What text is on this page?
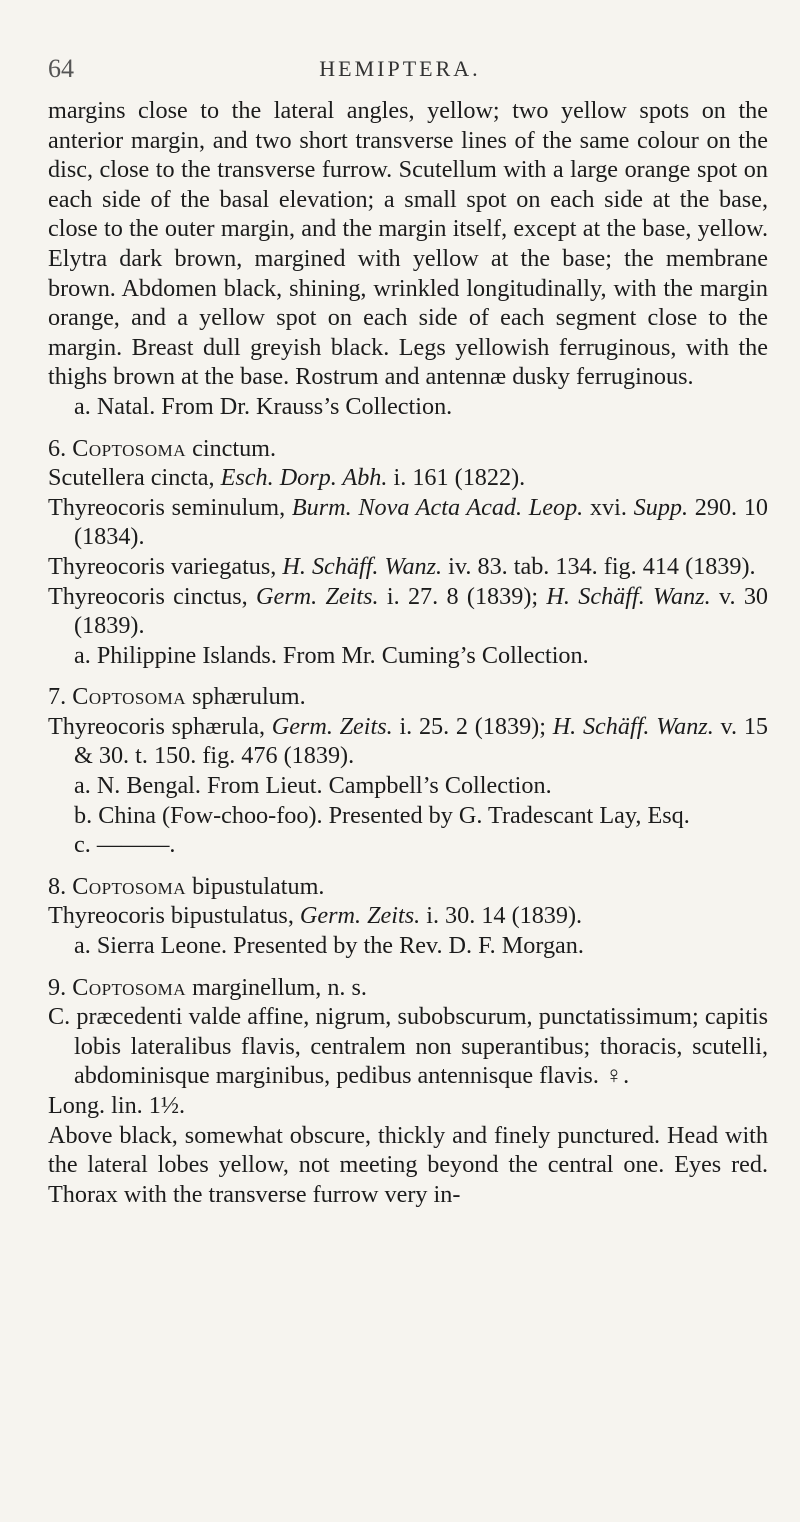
64	HEMIPTERA.

margins close to the lateral angles, yellow; two yellow spots on the anterior margin, and two short transverse lines of the same colour on the disc, close to the transverse furrow. Scutellum with a large orange spot on each side of the basal elevation; a small spot on each side at the base, close to the outer margin, and the margin itself, except at the base, yellow. Elytra dark brown, margined with yellow at the base; the membrane brown. Abdomen black, shining, wrinkled longitudinally, with the margin orange, and a yellow spot on each side of each segment close to the margin. Breast dull greyish black. Legs yellowish ferruginous, with the thighs brown at the base. Rostrum and antennæ dusky ferruginous.

a. Natal. From Dr. Krauss’s Collection.

6. Coptosoma cinctum.

Scutellera cincta, Esch. Dorp. Abh. i. 161 (1822).

Thyreocoris seminulum, Burm. Nova Acta Acad. Leop. xvi. Supp. 290. 10 (1834).

Thyreocoris variegatus, H. Schäff. Wanz. iv. 83. tab. 134. fig. 414 (1839).

Thyreocoris cinctus, Germ. Zeits. i. 27. 8 (1839); H. Schäff. Wanz. v. 30 (1839).

a. Philippine Islands. From Mr. Cuming’s Collection.

7. Coptosoma sphærulum.

Thyreocoris sphærula, Germ. Zeits. i. 25. 2 (1839); H. Schäff. Wanz. v. 15 & 30. t. 150. fig. 476 (1839).

a. N. Bengal. From Lieut. Campbell’s Collection.

b. China (Fow-choo-foo). Presented by G. Tradescant Lay, Esq.

c. ———.

8. Coptosoma bipustulatum.

Thyreocoris bipustulatus, Germ. Zeits. i. 30. 14 (1839).

a. Sierra Leone. Presented by the Rev. D. F. Morgan.

9. Coptosoma marginellum, n. s.

C. præcedenti valde affine, nigrum, subobscurum, punctatissimum; capitis lobis lateralibus flavis, centralem non superantibus; thoracis, scutelli, abdominisque marginibus, pedibus antennisque flavis. ♀.

Long. lin. 1½.

Above black, somewhat obscure, thickly and finely punctured. Head with the lateral lobes yellow, not meeting beyond the central one. Eyes red. Thorax with the transverse furrow very in-
